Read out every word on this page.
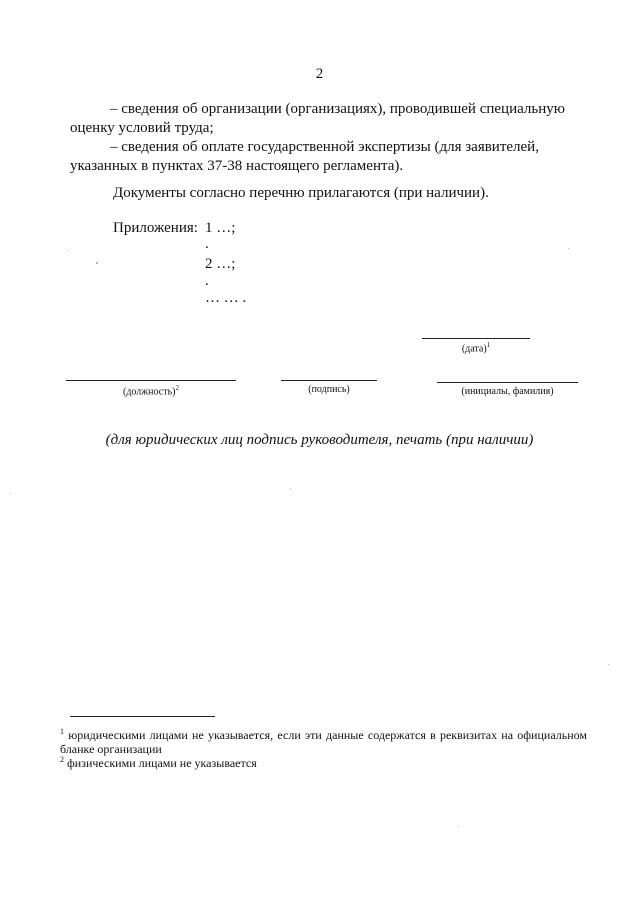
2
– сведения об организации (организациях), проводившей специальную
оценку условий труда;
– сведения об оплате государственной экспертизы (для заявителей,
указанных в пунктах 37-38 настоящего регламента).
Документы согласно перечню прилагаются (при наличии).
Приложения: 1 …;
.
2 …;
.
… … .
(дата)$^1$
(должность)$^2$	(подпись)	(инициалы, фамилия)
(для юридических лиц подпись руководителя, печать (при наличии)
$^1$ юридическими лицами не указывается, если эти данные содержатся в реквизитах на официальном бланке организации
$^2$ физическими лицами не указывается
